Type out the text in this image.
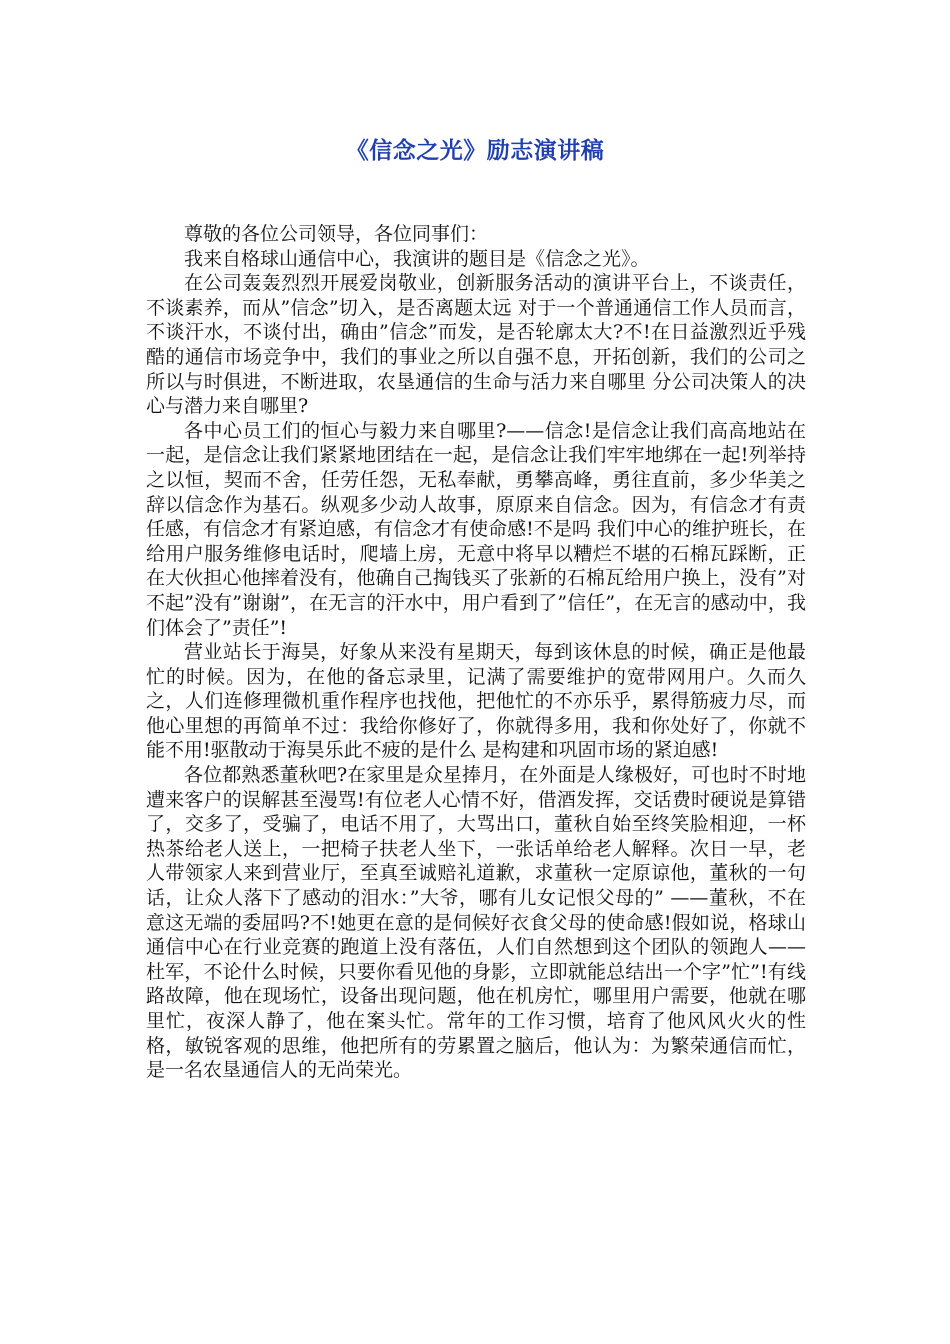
《信念之光》励志演讲稿

尊敬的各位公司领导，各位同事们：

我来自格球山通信中心，我演讲的题目是《信念之光》。

在公司轰轰烈烈开展爱岗敬业，创新服务活动的演讲平台上，不谈责任，不谈素养，而从”信念”切入，是否离题太远 对于一个普通通信工作人员而言，不谈汗水，不谈付出，确由”信念”而发，是否轮廓太大?不!在日益激烈近乎残酷的通信市场竞争中，我们的事业之所以自强不息，开拓创新，我们的公司之所以与时俱进，不断进取，农垦通信的生命与活力来自哪里 分公司决策人的决心与潜力来自哪里?

各中心员工们的恒心与毅力来自哪里?——信念!是信念让我们高高地站在一起，是信念让我们紧紧地团结在一起，是信念让我们牢牢地绑在一起!列举持之以恒，契而不舍，任劳任怨，无私奉献，勇攀高峰，勇往直前，多少华美之辞以信念作为基石。纵观多少动人故事，原原来自信念。因为，有信念才有责任感，有信念才有紧迫感，有信念才有使命感!不是吗 我们中心的维护班长，在给用户服务维修电话时，爬墙上房，无意中将早以糟烂不堪的石棉瓦踩断，正在大伙担心他摔着没有，他确自己掏钱买了张新的石棉瓦给用户换上，没有”对不起”没有”谢谢”，在无言的汗水中，用户看到了”信任”，在无言的感动中，我们体会了”责任”!

营业站长于海昊，好象从来没有星期天，每到该休息的时候，确正是他最忙的时候。因为，在他的备忘录里，记满了需要维护的宽带网用户。久而久之，人们连修理微机重作程序也找他，把他忙的不亦乐乎，累得筋疲力尽，而他心里想的再简单不过：我给你修好了，你就得多用，我和你处好了，你就不能不用!驱散动于海昊乐此不疲的是什么 是构建和巩固市场的紧迫感!

各位都熟悉董秋吧?在家里是众星捧月，在外面是人缘极好，可也时不时地遭来客户的误解甚至漫骂!有位老人心情不好，借酒发挥，交话费时硬说是算错了，交多了，受骗了，电话不用了，大骂出口，董秋自始至终笑脸相迎，一杯热茶给老人送上，一把椅子扶老人坐下，一张话单给老人解释。次日一早，老人带领家人来到营业厅，至真至诚赔礼道歉，求董秋一定原谅他，董秋的一句话，让众人落下了感动的泪水：”大爷，哪有儿女记恨父母的” ——董秋，不在意这无端的委屈吗?不!她更在意的是伺候好衣食父母的使命感!假如说，格球山通信中心在行业竞赛的跑道上没有落伍，人们自然想到这个团队的领跑人——杜军，不论什么时候，只要你看见他的身影，立即就能总结出一个字”忙”!有线路故障，他在现场忙，设备出现问题，他在机房忙，哪里用户需要，他就在哪里忙，夜深人静了，他在案头忙。常年的工作习惯，培育了他风风火火的性格，敏锐客观的思维，他把所有的劳累置之脑后，他认为：为繁荣通信而忙，是一名农垦通信人的无尚荣光。
